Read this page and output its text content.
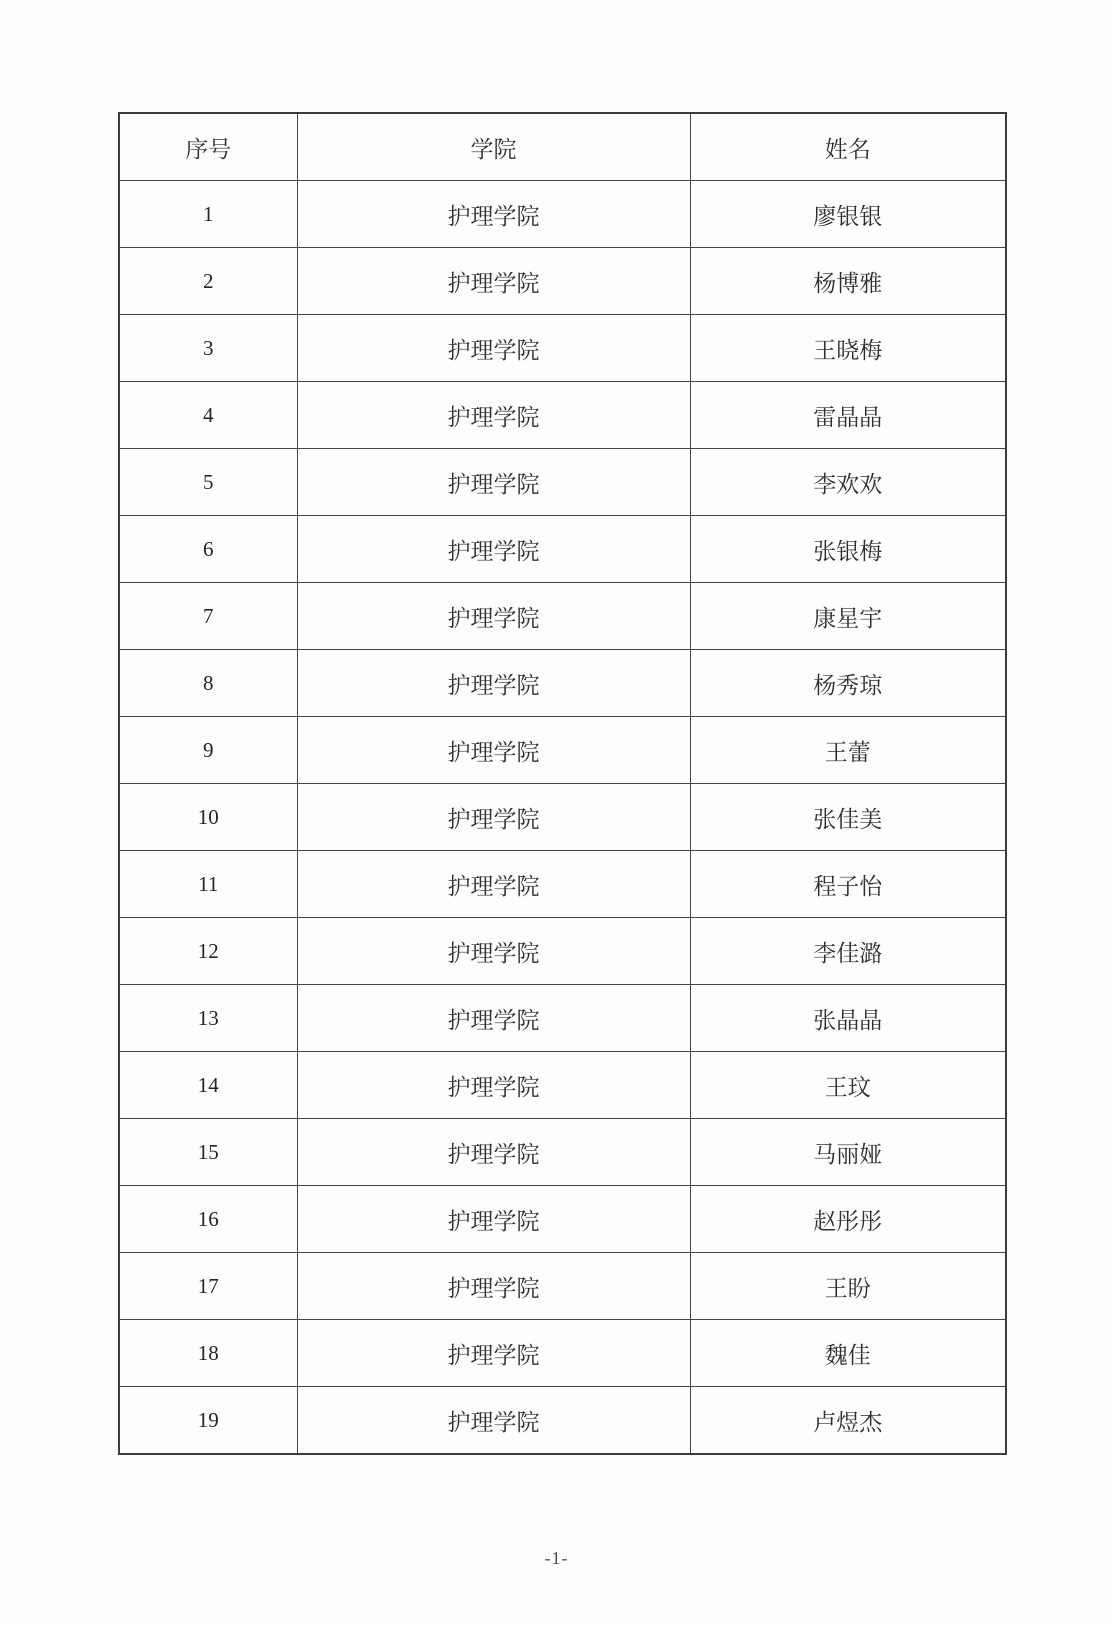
序号	学院	姓名
1	护理学院	廖银银
2	护理学院	杨博雅
3	护理学院	王晓梅
4	护理学院	雷晶晶
5	护理学院	李欢欢
6	护理学院	张银梅
7	护理学院	康星宇
8	护理学院	杨秀琼
9	护理学院	王蕾
10	护理学院	张佳美
11	护理学院	程子怡
12	护理学院	李佳潞
13	护理学院	张晶晶
14	护理学院	王玟
15	护理学院	马丽娅
16	护理学院	赵彤彤
17	护理学院	王盼
18	护理学院	魏佳
19	护理学院	卢煜杰
-1-
